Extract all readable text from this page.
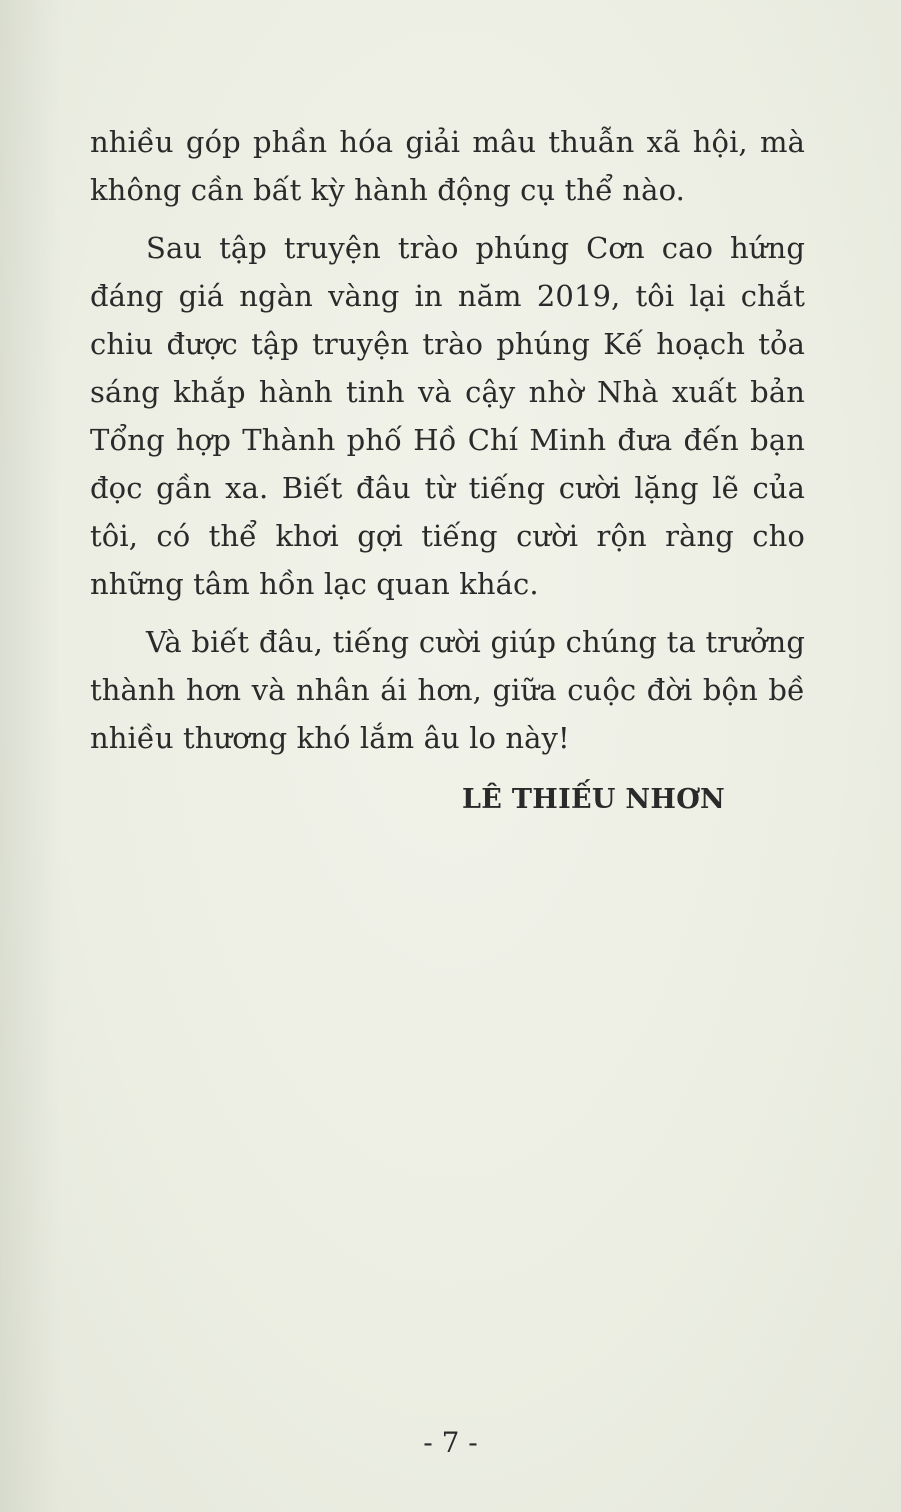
nhiều góp phần hóa giải mâu thuẫn xã hội, mà không cần bất kỳ hành động cụ thể nào.

Sau tập truyện trào phúng Cơn cao hứng đáng giá ngàn vàng in năm 2019, tôi lại chắt chiu được tập truyện trào phúng Kế hoạch tỏa sáng khắp hành tinh và cậy nhờ Nhà xuất bản Tổng hợp Thành phố Hồ Chí Minh đưa đến bạn đọc gần xa. Biết đâu từ tiếng cười lặng lẽ của tôi, có thể khơi gợi tiếng cười rộn ràng cho những tâm hồn lạc quan khác.

Và biết đâu, tiếng cười giúp chúng ta trưởng thành hơn và nhân ái hơn, giữa cuộc đời bộn bề nhiều thương khó lắm âu lo này!

LÊ THIẾU NHƠN
- 7 -
